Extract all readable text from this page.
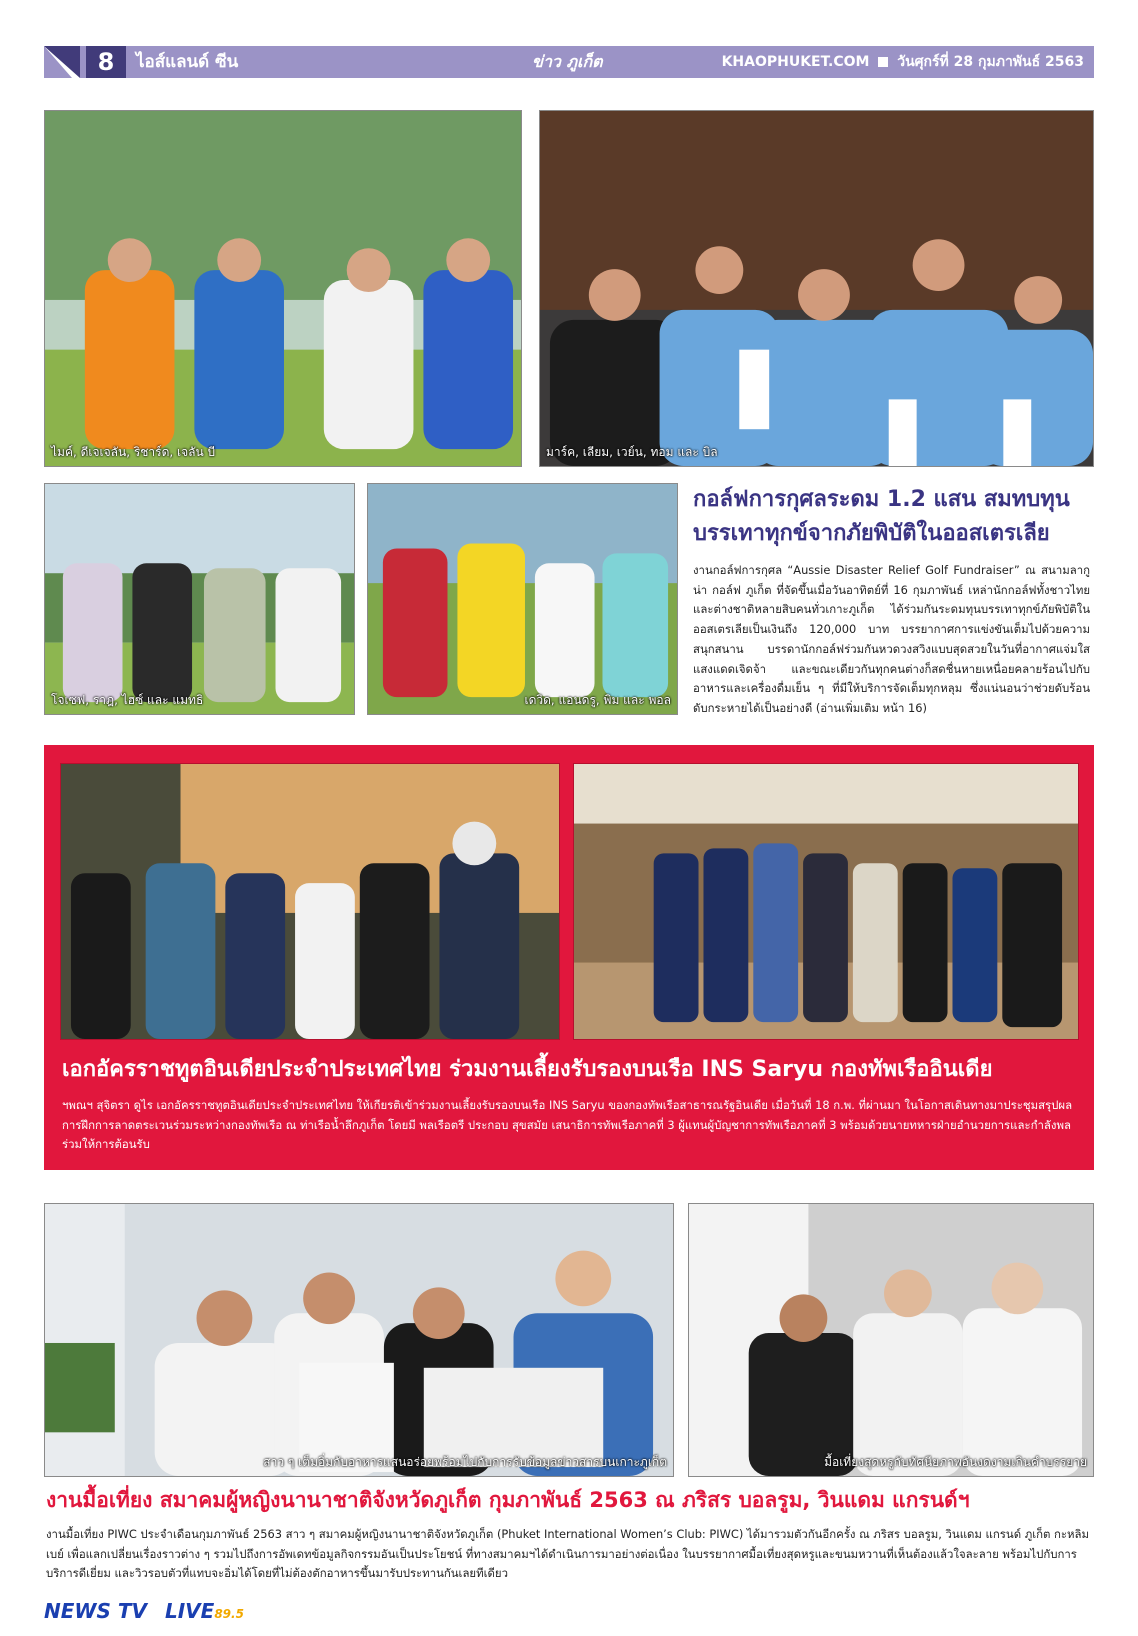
8	ไอส์แลนด์ ซีน	ข่าว ภูเก็ต	KHAOPHUKET.COM วันศุกร์ที่ 28 กุมภาพันธ์ 2563
ไมค์, ดีเจเจลัน, ริชาร์ด, เจลัน บี	มาร์ค, เลียม, เวย์น, ทอม และ บิล
โจเซฟ, ราฎ, ไฮซ์ และ แมทธิ	เดวิด, แอนดรู, พิม และ พอล
กอล์ฟการกุศลระดม 1.2 แสน สมทบทุน
บรรเทาทุกข์จากภัยพิบัติในออสเตรเลีย
งานกอล์ฟการกุศล “Aussie Disaster Relief Golf Fundraiser” ณ สนามลากูน่า กอล์ฟ ภูเก็ต ที่จัดขึ้นเมื่อวันอาทิตย์ที่ 16 กุมภาพันธ์ เหล่านักกอล์ฟทั้งชาวไทยและต่างชาติหลายสิบคนทั่วเกาะภูเก็ต ได้ร่วมกันระดมทุนบรรเทาทุกข์ภัยพิบัติในออสเตรเลียเป็นเงินถึง 120,000 บาท บรรยากาศการแข่งขันเต็มไปด้วยความสนุกสนาน บรรดานักกอล์ฟร่วมกันหวดวงสวิงแบบสุดสวยในวันที่อากาศแจ่มใสแสงแดดเจิดจ้า และขณะเดียวกันทุกคนต่างก็สดชื่นหายเหนื่อยคลายร้อนไปกับอาหารและเครื่องดื่มเย็น ๆ ที่มีให้บริการจัดเต็มทุกหลุม ซึ่งแน่นอนว่าช่วยดับร้อนดับกระหายได้เป็นอย่างดี (อ่านเพิ่มเติม หน้า 16)
เอกอัครราชทูตอินเดียประจำประเทศไทย ร่วมงานเลี้ยงรับรองบนเรือ INS Saryu กองทัพเรืออินเดีย
ฯพณฯ สุจิตรา ดูไร เอกอัครราชทูตอินเดียประจำประเทศไทย ให้เกียรติเข้าร่วมงานเลี้ยงรับรองบนเรือ INS Saryu ของกองทัพเรือสาธารณรัฐอินเดีย เมื่อวันที่ 18 ก.พ. ที่ผ่านมา ในโอกาสเดินทางมาประชุมสรุปผลการฝึกการลาดตระเวนร่วมระหว่างกองทัพเรือ ณ ท่าเรือน้ำลึกภูเก็ต โดยมี พลเรือตรี ประกอบ สุขสมัย เสนาธิการทัพเรือภาคที่ 3 ผู้แทนผู้บัญชาการทัพเรือภาคที่ 3 พร้อมด้วยนายทหารฝ่ายอำนวยการและกำลังพลร่วมให้การต้อนรับ
สาว ๆ เต็มอิ่มกับอาหารแสนอร่อยพร้อมไปกับการรับข้อมูลข่าวสารบนเกาะภูเก็ต	มื้อเที่ยงสุดหรูกับทัศนียภาพอันงดงามเกินคำบรรยาย
งานมื้อเที่ยง สมาคมผู้หญิงนานาชาติจังหวัดภูเก็ต กุมภาพันธ์ 2563 ณ ภริสร บอลรูม, วินแดม แกรนด์ฯ
งานมื้อเที่ยง PIWC ประจำเดือนกุมภาพันธ์ 2563 สาว ๆ สมาคมผู้หญิงนานาชาติจังหวัดภูเก็ต (Phuket International Women’s Club: PIWC) ได้มารวมตัวกันอีกครั้ง ณ ภริสร บอลรูม, วินแดม แกรนด์ ภูเก็ต กะหลิม เบย์ เพื่อแลกเปลี่ยนเรื่องราวต่าง ๆ รวมไปถึงการอัพเดทข้อมูลกิจกรรมอันเป็นประโยชน์ ที่ทางสมาคมฯได้ดำเนินการมาอย่างต่อเนื่อง ในบรรยากาศมื้อเที่ยงสุดหรูและขนมหวานที่เห็นต้องแล้วใจละลาย พร้อมไปกับการบริการดีเยี่ยม และวิวรอบตัวที่แทบจะอิ่มได้โดยที่ไม่ต้องตักอาหารขึ้นมารับประทานกันเลยทีเดียว
NEWS TV LIVE89.5
